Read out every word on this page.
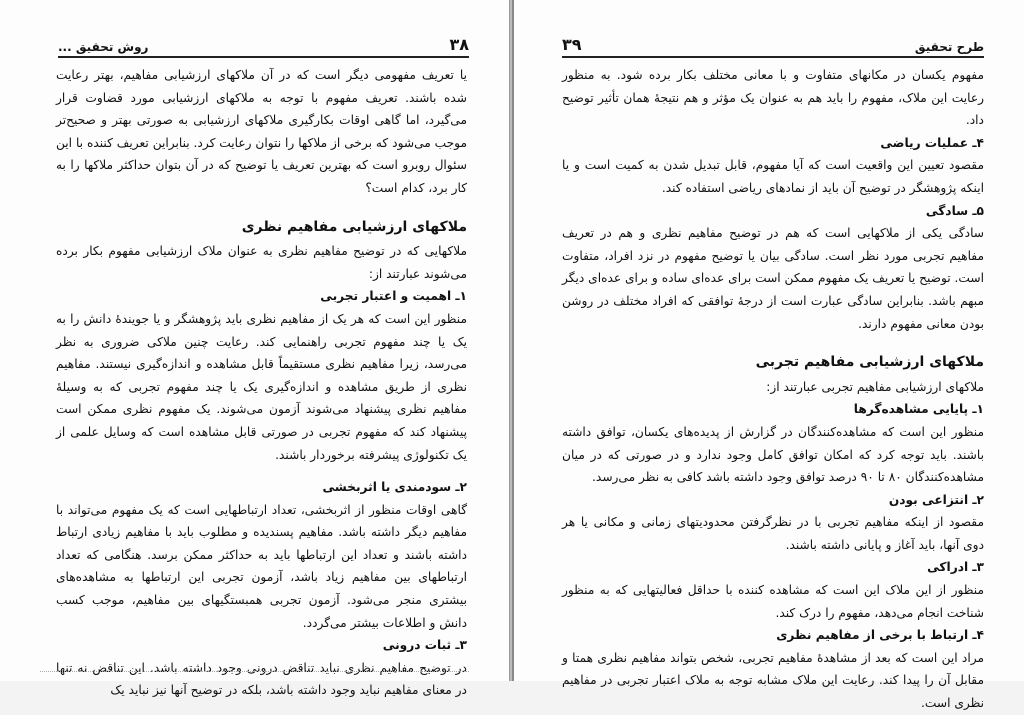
۳۸
روش تحقیق ...

یا تعریف مفهومی دیگر است که در آن ملاکهای ارزشیابی مفاهیم، بهتر رعایت شده باشند. تعریف مفهوم با توجه به ملاکهای ارزشیابی مورد قضاوت قرار می‌گیرد، اما گاهی اوقات بکارگیری ملاکهای ارزشیابی به صورتی بهتر و صحیح‌تر موجب می‌شود که برخی از ملاکها را نتوان رعایت کرد. بنابراین تعریف کننده با این سئوال روبرو است که بهترین تعریف یا توضیح که در آن بتوان حداکثر ملاکها را به کار برد، کدام است؟

ملاکهای ارزشیابی مفاهیم نظری

ملاکهایی که در توضیح مفاهیم نظری به عنوان ملاک ارزشیابی مفهوم بکار برده می‌شوند عبارتند از:

۱ـ اهمیت و اعتبار تجربی

منظور این است که هر یک از مفاهیم نظری باید پژوهشگر و یا جویندهٔ دانش را به یک یا چند مفهوم تجربی راهنمایی کند. رعایت چنین ملاکی ضروری به نظر می‌رسد، زیرا مفاهیم نظری مستقیماً قابل مشاهده و اندازه‌گیری نیستند. مفاهیم نظری از طریق مشاهده و اندازه‌گیری یک یا چند مفهوم تجربی که به وسیلهٔ مفاهیم نظری پیشنهاد می‌شوند آزمون می‌شوند. یک مفهوم نظری ممکن است پیشنهاد کند که مفهوم تجربی در صورتی قابل مشاهده است که وسایل علمی از یک تکنولوژی پیشرفته برخوردار باشند.

۲ـ سودمندی یا اثربخشی

گاهی اوقات منظور از اثربخشی، تعداد ارتباطهایی است که یک مفهوم می‌تواند با مفاهیم دیگر داشته باشد. مفاهیم پسندیده و مطلوب باید با مفاهیم زیادی ارتباط داشته باشند و تعداد این ارتباطها باید به حداکثر ممکن برسد. هنگامی که تعداد ارتباطهای بین مفاهیم زیاد باشد، آزمون تجربی این ارتباطها به مشاهده‌های بیشتری منجر می‌شود. آزمون تجربی همبستگیهای بین مفاهیم، موجب کسب دانش و اطلاعات بیشتر می‌گردد.

۳ـ ثبات درونی

در توضیح مفاهیم نظری نباید تناقض درونی وجود داشته باشد. این تناقض نه تنها در معنای مفاهیم نباید وجود داشته باشد، بلکه در توضیح آنها نیز نباید یک

طرح تحقیق
۳۹

مفهوم یکسان در مکانهای متفاوت و با معانی مختلف بکار برده شود. به منظور رعایت این ملاک، مفهوم را باید هم به عنوان یک مؤثر و هم نتیجهٔ همان تأثیر توضیح داد.

۴ـ عملیات ریاضی

مقصود تعیین این واقعیت است که آیا مفهوم، قابل تبدیل شدن به کمیت است و یا اینکه پژوهشگر در توضیح آن باید از نمادهای ریاضی استفاده کند.

۵ـ سادگی

سادگی یکی از ملاکهایی است که هم در توضیح مفاهیم نظری و هم در تعریف مفاهیم تجربی مورد نظر است. سادگی بیان یا توضیح مفهوم در نزد افراد، متفاوت است. توضیح یا تعریف یک مفهوم ممکن است برای عده‌ای ساده و برای عده‌ای دیگر مبهم باشد. بنابراین سادگی عبارت است از درجهٔ توافقی که افراد مختلف در روشن بودن معانی مفهوم دارند.

ملاکهای ارزشیابی مفاهیم تجربی

ملاکهای ارزشیابی مفاهیم تجربی عبارتند از:

۱ـ پایایی مشاهده‌گرها

منظور این است که مشاهده‌کنندگان در گزارش از پدیده‌های یکسان، توافق داشته باشند. باید توجه کرد که امکان توافق کامل وجود ندارد و در صورتی که در میان مشاهده‌کنندگان ۸۰ تا ۹۰ درصد توافق وجود داشته باشد کافی به نظر می‌رسد.

۲ـ انتزاعی بودن

مقصود از اینکه مفاهیم تجربی با در نظرگرفتن محدودیتهای زمانی و مکانی یا هر دوی آنها، باید آغاز و پایانی داشته باشند.

۳ـ ادراکی

منظور از این ملاک این است که مشاهده کننده با حداقل فعالیتهایی که به منظور شناخت انجام می‌دهد، مفهوم را درک کند.

۴ـ ارتباط با برخی از مفاهیم نظری

مراد این است که بعد از مشاهدهٔ مفاهیم تجربی، شخص بتواند مفاهیم نظری همتا و مقابل آن را پیدا کند. رعایت این ملاک مشابه توجه به ملاک اعتبار تجربی در مفاهیم نظری است.
